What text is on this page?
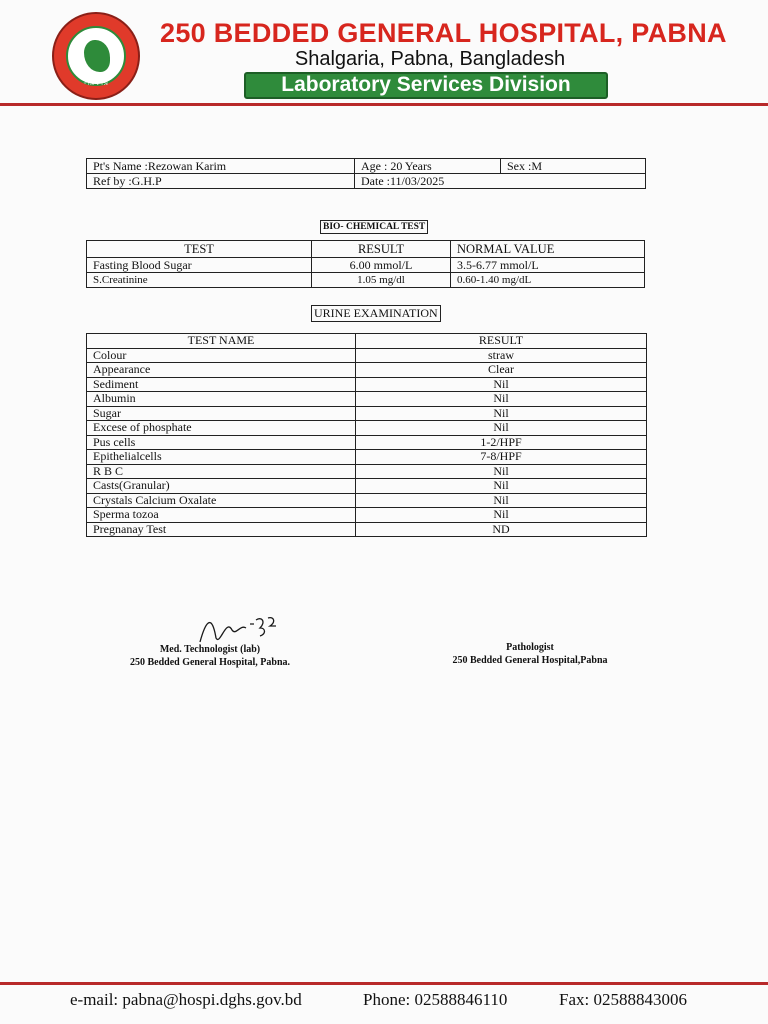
সরকার
250 BEDDED GENERAL HOSPITAL, PABNA
Shalgaria, Pabna, Bangladesh
Laboratory Services Division
Pt's Name :Rezowan Karim	Age : 20 Years	Sex :M
Ref by :G.H.P	Date :11/03/2025	
BIO- CHEMICAL TEST
TEST	RESULT	NORMAL VALUE
Fasting Blood Sugar	6.00 mmol/L	3.5-6.77 mmol/L
S.Creatinine	1.05 mg/dl	0.60-1.40 mg/dL
URINE EXAMINATION
TEST NAME	RESULT
Colour	straw
Appearance	Clear
Sediment	Nil
Albumin	Nil
Sugar	Nil
Excese of phosphate	Nil
Pus cells	1-2/HPF
Epithelialcells	7-8/HPF
R B C	Nil
Casts(Granular)	Nil
Crystals Calcium Oxalate	Nil
Sperma tozoa	Nil
Pregnanay Test	ND
Med. Technologist (lab)
250 Bedded General Hospital, Pabna.
Pathologist
250 Bedded General Hospital,Pabna
e-mail: pabna@hospi.dghs.gov.bd	Phone: 02588846110	Fax: 02588843006
